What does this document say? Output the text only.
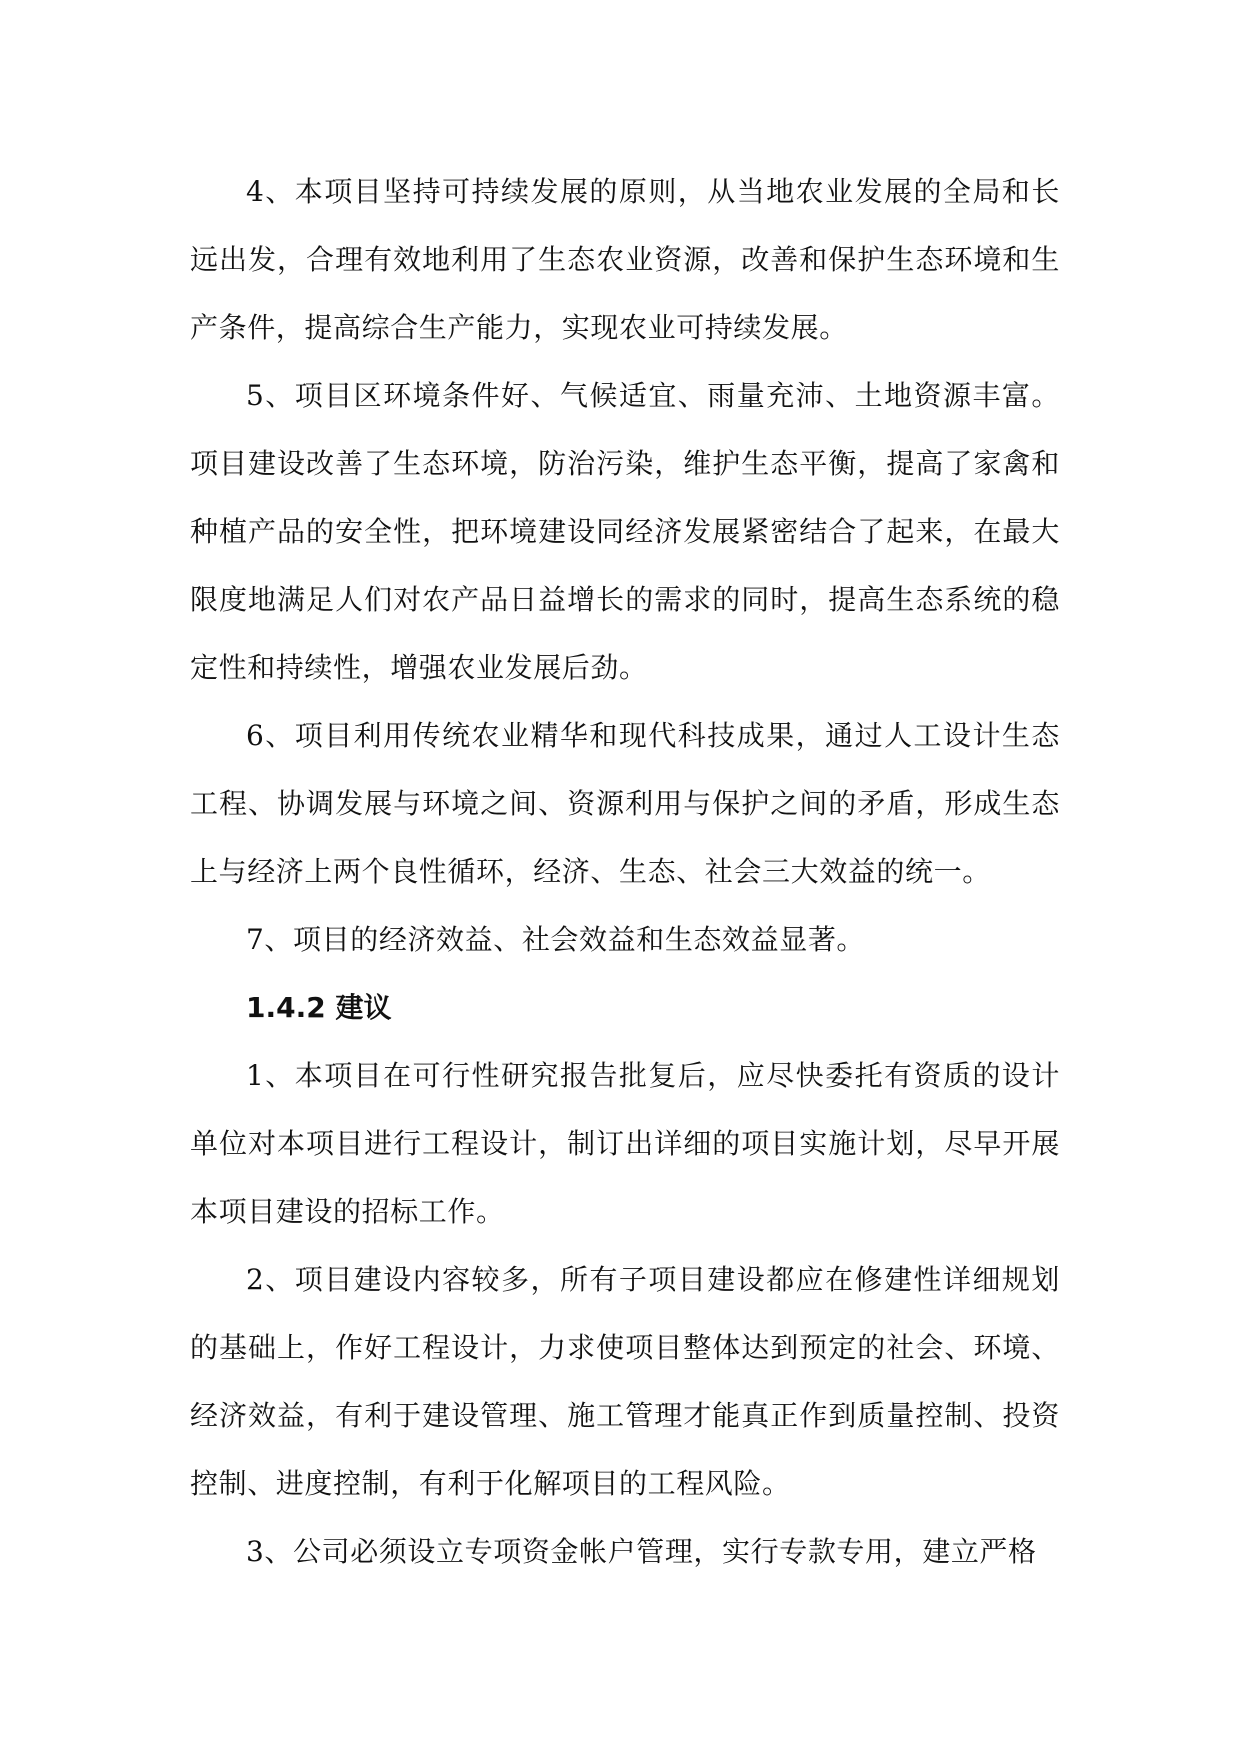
4、本项目坚持可持续发展的原则，从当地农业发展的全局和长远出发，合理有效地利用了生态农业资源，改善和保护生态环境和生产条件，提高综合生产能力，实现农业可持续发展。

5、项目区环境条件好、气候适宜、雨量充沛、土地资源丰富。项目建设改善了生态环境，防治污染，维护生态平衡，提高了家禽和种植产品的安全性，把环境建设同经济发展紧密结合了起来，在最大限度地满足人们对农产品日益增长的需求的同时，提高生态系统的稳定性和持续性，增强农业发展后劲。

6、项目利用传统农业精华和现代科技成果，通过人工设计生态工程、协调发展与环境之间、资源利用与保护之间的矛盾，形成生态上与经济上两个良性循环，经济、生态、社会三大效益的统一。

7、项目的经济效益、社会效益和生态效益显著。

1.4.2 建议

1、本项目在可行性研究报告批复后，应尽快委托有资质的设计单位对本项目进行工程设计，制订出详细的项目实施计划，尽早开展本项目建设的招标工作。

2、项目建设内容较多，所有子项目建设都应在修建性详细规划的基础上，作好工程设计，力求使项目整体达到预定的社会、环境、经济效益，有利于建设管理、施工管理才能真正作到质量控制、投资控制、进度控制，有利于化解项目的工程风险。

3、公司必须设立专项资金帐户管理，实行专款专用，建立严格
